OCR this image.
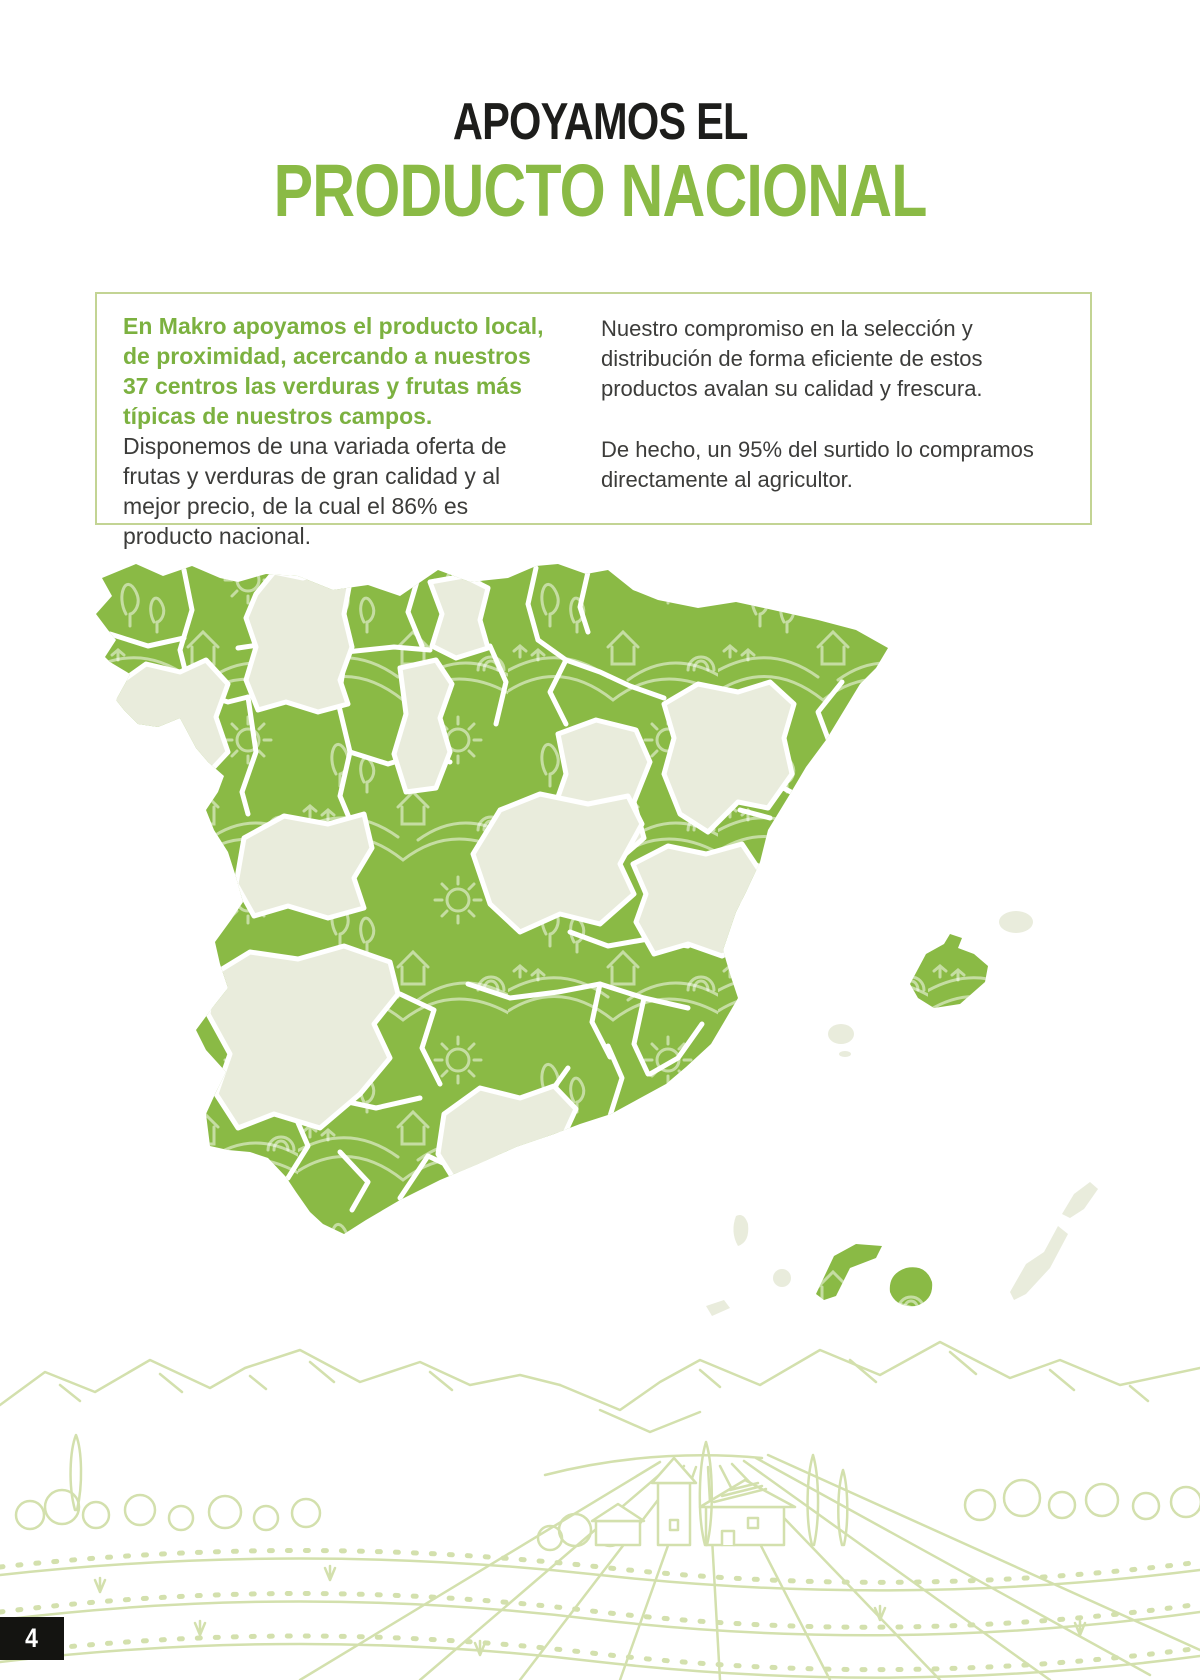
APOYAMOS EL
PRODUCTO NACIONAL
En Makro apoyamos el producto local, de proximidad, acercando a nuestros 37 centros las verduras y frutas más típicas de nuestros campos. Disponemos de una variada oferta de frutas y verduras de gran calidad y al mejor precio, de la cual el 86% es producto nacional.

Nuestro compromiso en la selección y distribución de forma eficiente de estos productos avalan su calidad y frescura.

De hecho, un 95% del surtido lo compramos directamente al agricultor.

4
